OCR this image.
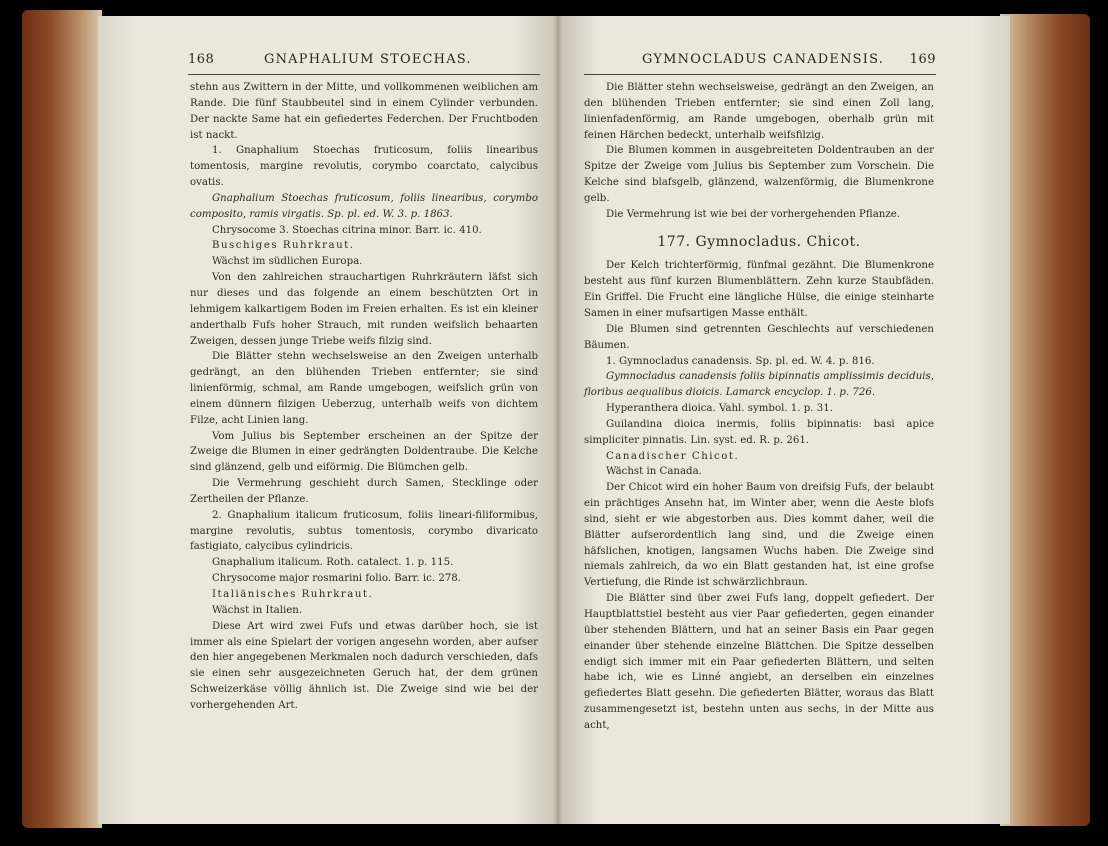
168	GNAPHALIUM STOECHAS.

stehn aus Zwittern in der Mitte, und vollkommenen weiblichen am Rande. Die fünf Staubbeutel sind in einem Cylinder verbunden. Der nackte Same hat ein gefiedertes Federchen. Der Fruchtboden ist nackt.

1. Gnaphalium Stoechas fruticosum, foliis linearibus tomentosis, margine revolutis, corymbo coarctato, calycibus ovatis.

Gnaphalium Stoechas fruticosum, foliis linearibus, corymbo composito, ramis virgatis. Sp. pl. ed. W. 3. p. 1863.

Chrysocome 3. Stoechas citrina minor. Barr. ic. 410.

Buschiges Ruhrkraut.

Wächst im südlichen Europa.

Von den zahlreichen strauchartigen Ruhrkräutern läfst sich nur dieses und das folgende an einem beschützten Ort in lehmigem kalkartigem Boden im Freien erhalten. Es ist ein kleiner anderthalb Fufs hoher Strauch, mit runden weifslich behaarten Zweigen, dessen junge Triebe weifs filzig sind.

Die Blätter stehn wechselsweise an den Zweigen unterhalb gedrängt, an den blühenden Trieben entfernter; sie sind linienförmig, schmal, am Rande umgebogen, weifslich grün von einem dünnern filzigen Ueberzug, unterhalb weifs von dichtem Filze, acht Linien lang.

Vom Julius bis September erscheinen an der Spitze der Zweige die Blumen in einer gedrängten Doldentraube. Die Kelche sind glänzend, gelb und eiförmig. Die Blümchen gelb.

Die Vermehrung geschieht durch Samen, Stecklinge oder Zertheilen der Pflanze.

2. Gnaphalium italicum fruticosum, foliis lineari-filiformibus, margine revolutis, subtus tomentosis, corymbo divaricato fastigiato, calycibus cylindricis.

Gnaphalium italicum. Roth. catalect. 1. p. 115.

Chrysocome major rosmarini folio. Barr. ic. 278.

Italiänisches Ruhrkraut.

Wächst in Italien.

Diese Art wird zwei Fufs und etwas darüber hoch, sie ist immer als eine Spielart der vorigen angesehn worden, aber aufser den hier angegebenen Merkmalen noch dadurch verschieden, dafs sie einen sehr ausgezeichneten Geruch hat, der dem grünen Schweizerkäse völlig ähnlich ist. Die Zweige sind wie bei der vorhergehenden Art.

GYMNOCLADUS CANADENSIS. 169

Die Blätter stehn wechselsweise, gedrängt an den Zweigen, an den blühenden Trieben entfernter; sie sind einen Zoll lang, linienfadenförmig, am Rande umgebogen, oberhalb grün mit feinen Härchen bedeckt, unterhalb weifsfilzig.

Die Blumen kommen in ausgebreiteten Doldentrauben an der Spitze der Zweige vom Julius bis September zum Vorschein. Die Kelche sind blafsgelb, glänzend, walzenförmig, die Blumenkrone gelb.

Die Vermehrung ist wie bei der vorhergehenden Pflanze.

177. Gymnocladus. Chicot.

Der Kelch trichterförmig, fünfmal gezähnt. Die Blumenkrone besteht aus fünf kurzen Blumenblättern. Zehn kurze Staubfäden. Ein Griffel. Die Frucht eine längliche Hülse, die einige steinharte Samen in einer mufsartigen Masse enthält.

Die Blumen sind getrennten Geschlechts auf verschiedenen Bäumen.

1. Gymnocladus canadensis. Sp. pl. ed. W. 4. p. 816.

Gymnocladus canadensis foliis bipinnatis amplissimis deciduis, floribus aequalibus dioicis. Lamarck encyclop. 1. p. 726.

Hyperanthera dioica. Vahl. symbol. 1. p. 31.

Guilandina dioica inermis, foliis bipinnatis: basi apice simpliciter pinnatis. Lin. syst. ed. R. p. 261.

Canadischer Chicot.

Wächst in Canada.

Der Chicot wird ein hoher Baum von dreifsig Fufs, der belaubt ein prächtiges Ansehn hat, im Winter aber, wenn die Aeste blofs sind, sieht er wie abgestorben aus. Dies kommt daher, weil die Blätter aufserordentlich lang sind, und die Zweige einen häfslichen, knotigen, langsamen Wuchs haben. Die Zweige sind niemals zahlreich, da wo ein Blatt gestanden hat, ist eine grofse Vertiefung, die Rinde ist schwärzlichbraun.

Die Blätter sind über zwei Fufs lang, doppelt gefiedert. Der Hauptblattstiel besteht aus vier Paar gefiederten, gegen einander über stehenden Blättern, und hat an seiner Basis ein Paar gegen einander über stehende einzelne Blättchen. Die Spitze desselben endigt sich immer mit ein Paar gefiederten Blättern, und selten habe ich, wie es Linné angiebt, an derselben ein einzelnes gefiedertes Blatt gesehn. Die gefiederten Blätter, woraus das Blatt zusammengesetzt ist, bestehn unten aus sechs, in der Mitte aus acht,
